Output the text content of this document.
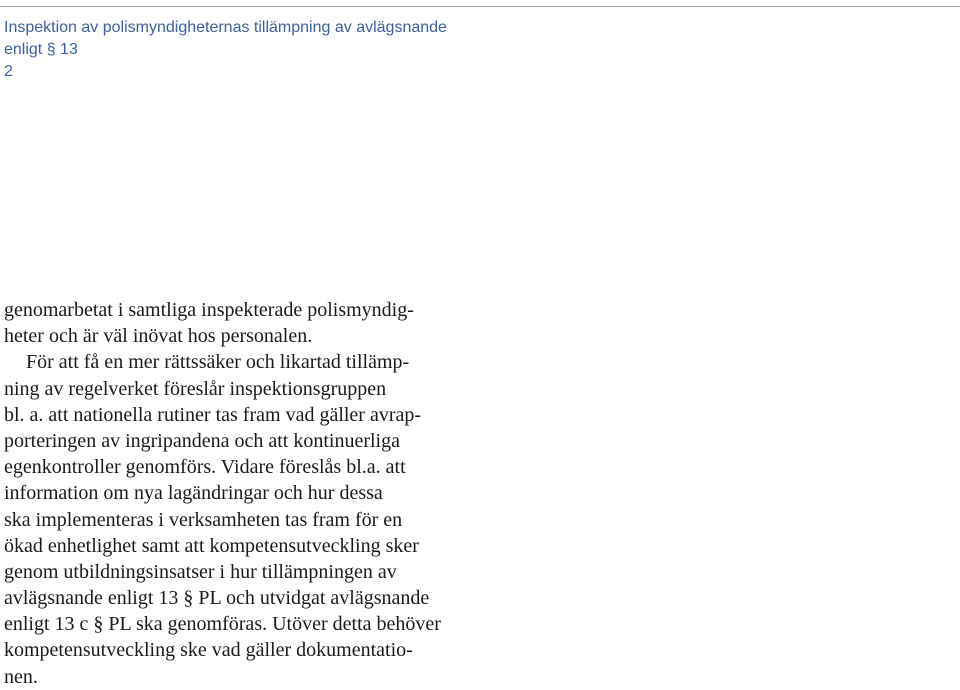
Inspektion av polismyndigheternas tillämpning av avlägsnande
enligt § 13
2
genomarbetat i samtliga inspekterade polismyndig-
heter och är väl inövat hos personalen.
För att få en mer rättssäker och likartad tillämp-
ning av regelverket föreslår inspektionsgruppen
bl. a. att nationella rutiner tas fram vad gäller avrap-
porteringen av ingripandena och att kontinuerliga
egenkontroller genomförs. Vidare föreslås bl.a. att
information om nya lagändringar och hur dessa
ska implementeras i verksamheten tas fram för en
ökad enhetlighet samt att kompetensutveckling sker
genom utbildningsinsatser i hur tillämpningen av
avlägsnande enligt 13 § PL och utvidgat avlägsnande
enligt 13 c § PL ska genomföras. Utöver detta behöver
kompetensutveckling ske vad gäller dokumentatio-
nen.
